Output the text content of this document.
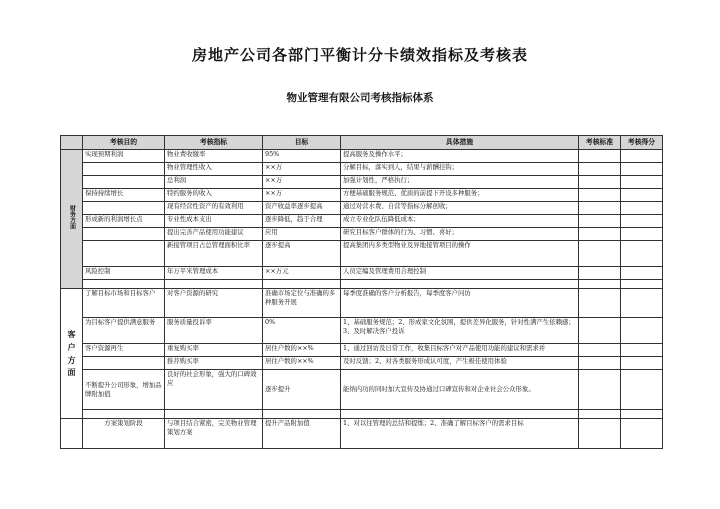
房地产公司各部门平衡计分卡绩效指标及考核表
物业管理有限公司考核指标体系
	考核目的	考核指标	目标	具体措施	考核标准	考核得分
财务方面	实现预期利润	物业费收缴率	95%	提高服务及操作水平；		
		物业管理性收入	××万	分解目标，落实到人，结果与薪酬挂钩；		
		总利润	××万	加强计划性，严格执行；		
	保持持续增长	特约服务的收入	××万	方便基础服务规范、优质的前提下开设多种服务；		
		现有经营性资产的有效利用	资产收益率逐步提高	通过对营水费、自营等指标分解创收；		
	形成新的利润增长点	专业性成本支出	逐步降低，趋于合理	成立专业化队伍降低成本；		
		提出完善产品使用功能建议	应用	研究目标客户群体的行为、习惯、喜好；		
		新接管项目占总管理面积比率	逐步提高	提高集团内多类型物业及异地接管项目的操作		
	风险控制	年万平米管理成本	××万元	人员定编及管理费用合理控制		

客户方面	了解目标市场和目标客户	对客户资源的研究	准确市场定位与准确的多种服务开展	每季度准确的客户分析报告，每季度客户问访		
	为目标客户提供满意服务	服务质量投诉率	0%	1、基础服务规范；2、形成家文化氛围，提供差异化服务，针对性满产生依赖感；3、及时解决客户投诉		
	客户资源再生	重复购买率	居住户数的××%	1、通过回访及日常工作，收集目标客户对产品使用功能的建议和需求并		
		推荐购买率	居住户数的××%	及时反馈；2、对各类服务形成认可度，产生极佳使用体验		
	不断提升公司形象，增加品牌附加值	良好的社会形象，强大的口碑效应	逐步提升	能纳内功的同时加大宣传及协通过口碑宣传和对企业社会公众形象。		

	方案策划阶段	与项目结合紧密，完美物业管理策划方案	提升产品附加值	1、对以往管理的总结和提炼；2、准确了解目标客户的需求目标		
